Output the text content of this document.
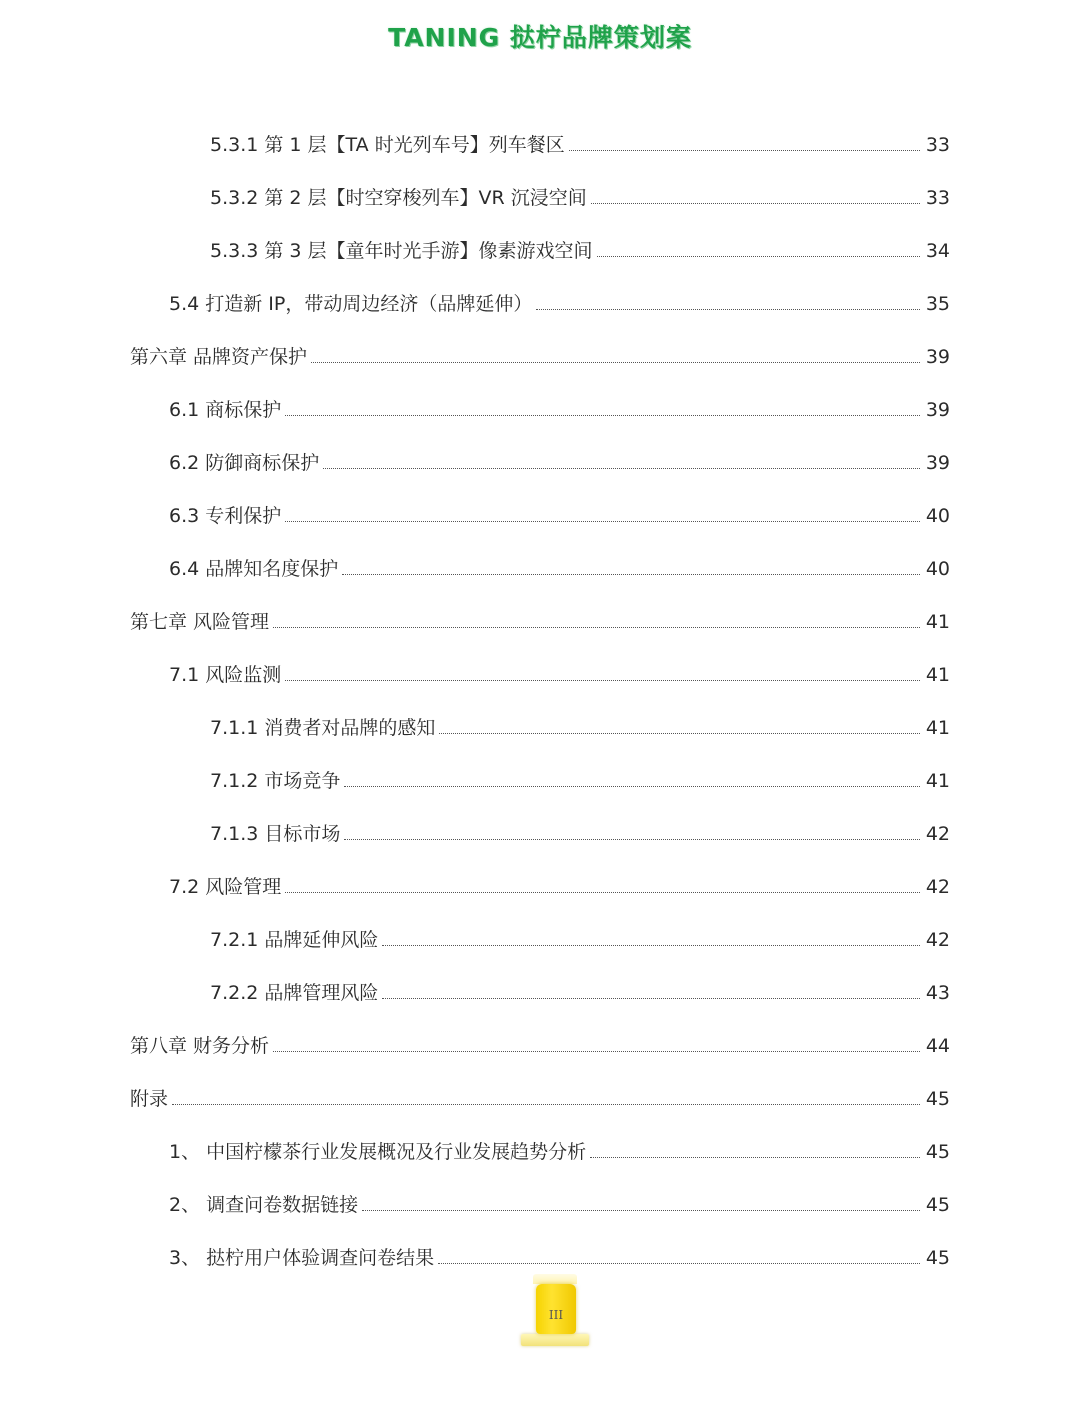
TANING 挞柠品牌策划案
5.3.1 第 1 层【TA 时光列车号】列车餐区	33
5.3.2 第 2 层【时空穿梭列车】VR 沉浸空间	33
5.3.3 第 3 层【童年时光手游】像素游戏空间	34
5.4 打造新 IP，带动周边经济（品牌延伸）	35
第六章 品牌资产保护	39
6.1 商标保护	39
6.2 防御商标保护	39
6.3 专利保护	40
6.4 品牌知名度保护	40
第七章 风险管理	41
7.1 风险监测	41
7.1.1 消费者对品牌的感知	41
7.1.2 市场竞争	41
7.1.3 目标市场	42
7.2 风险管理	42
7.2.1 品牌延伸风险	42
7.2.2 品牌管理风险	43
第八章 财务分析	44
附录	45
1、 中国柠檬茶行业发展概况及行业发展趋势分析	45
2、 调查问卷数据链接	45
3、 挞柠用户体验调查问卷结果	45
III
